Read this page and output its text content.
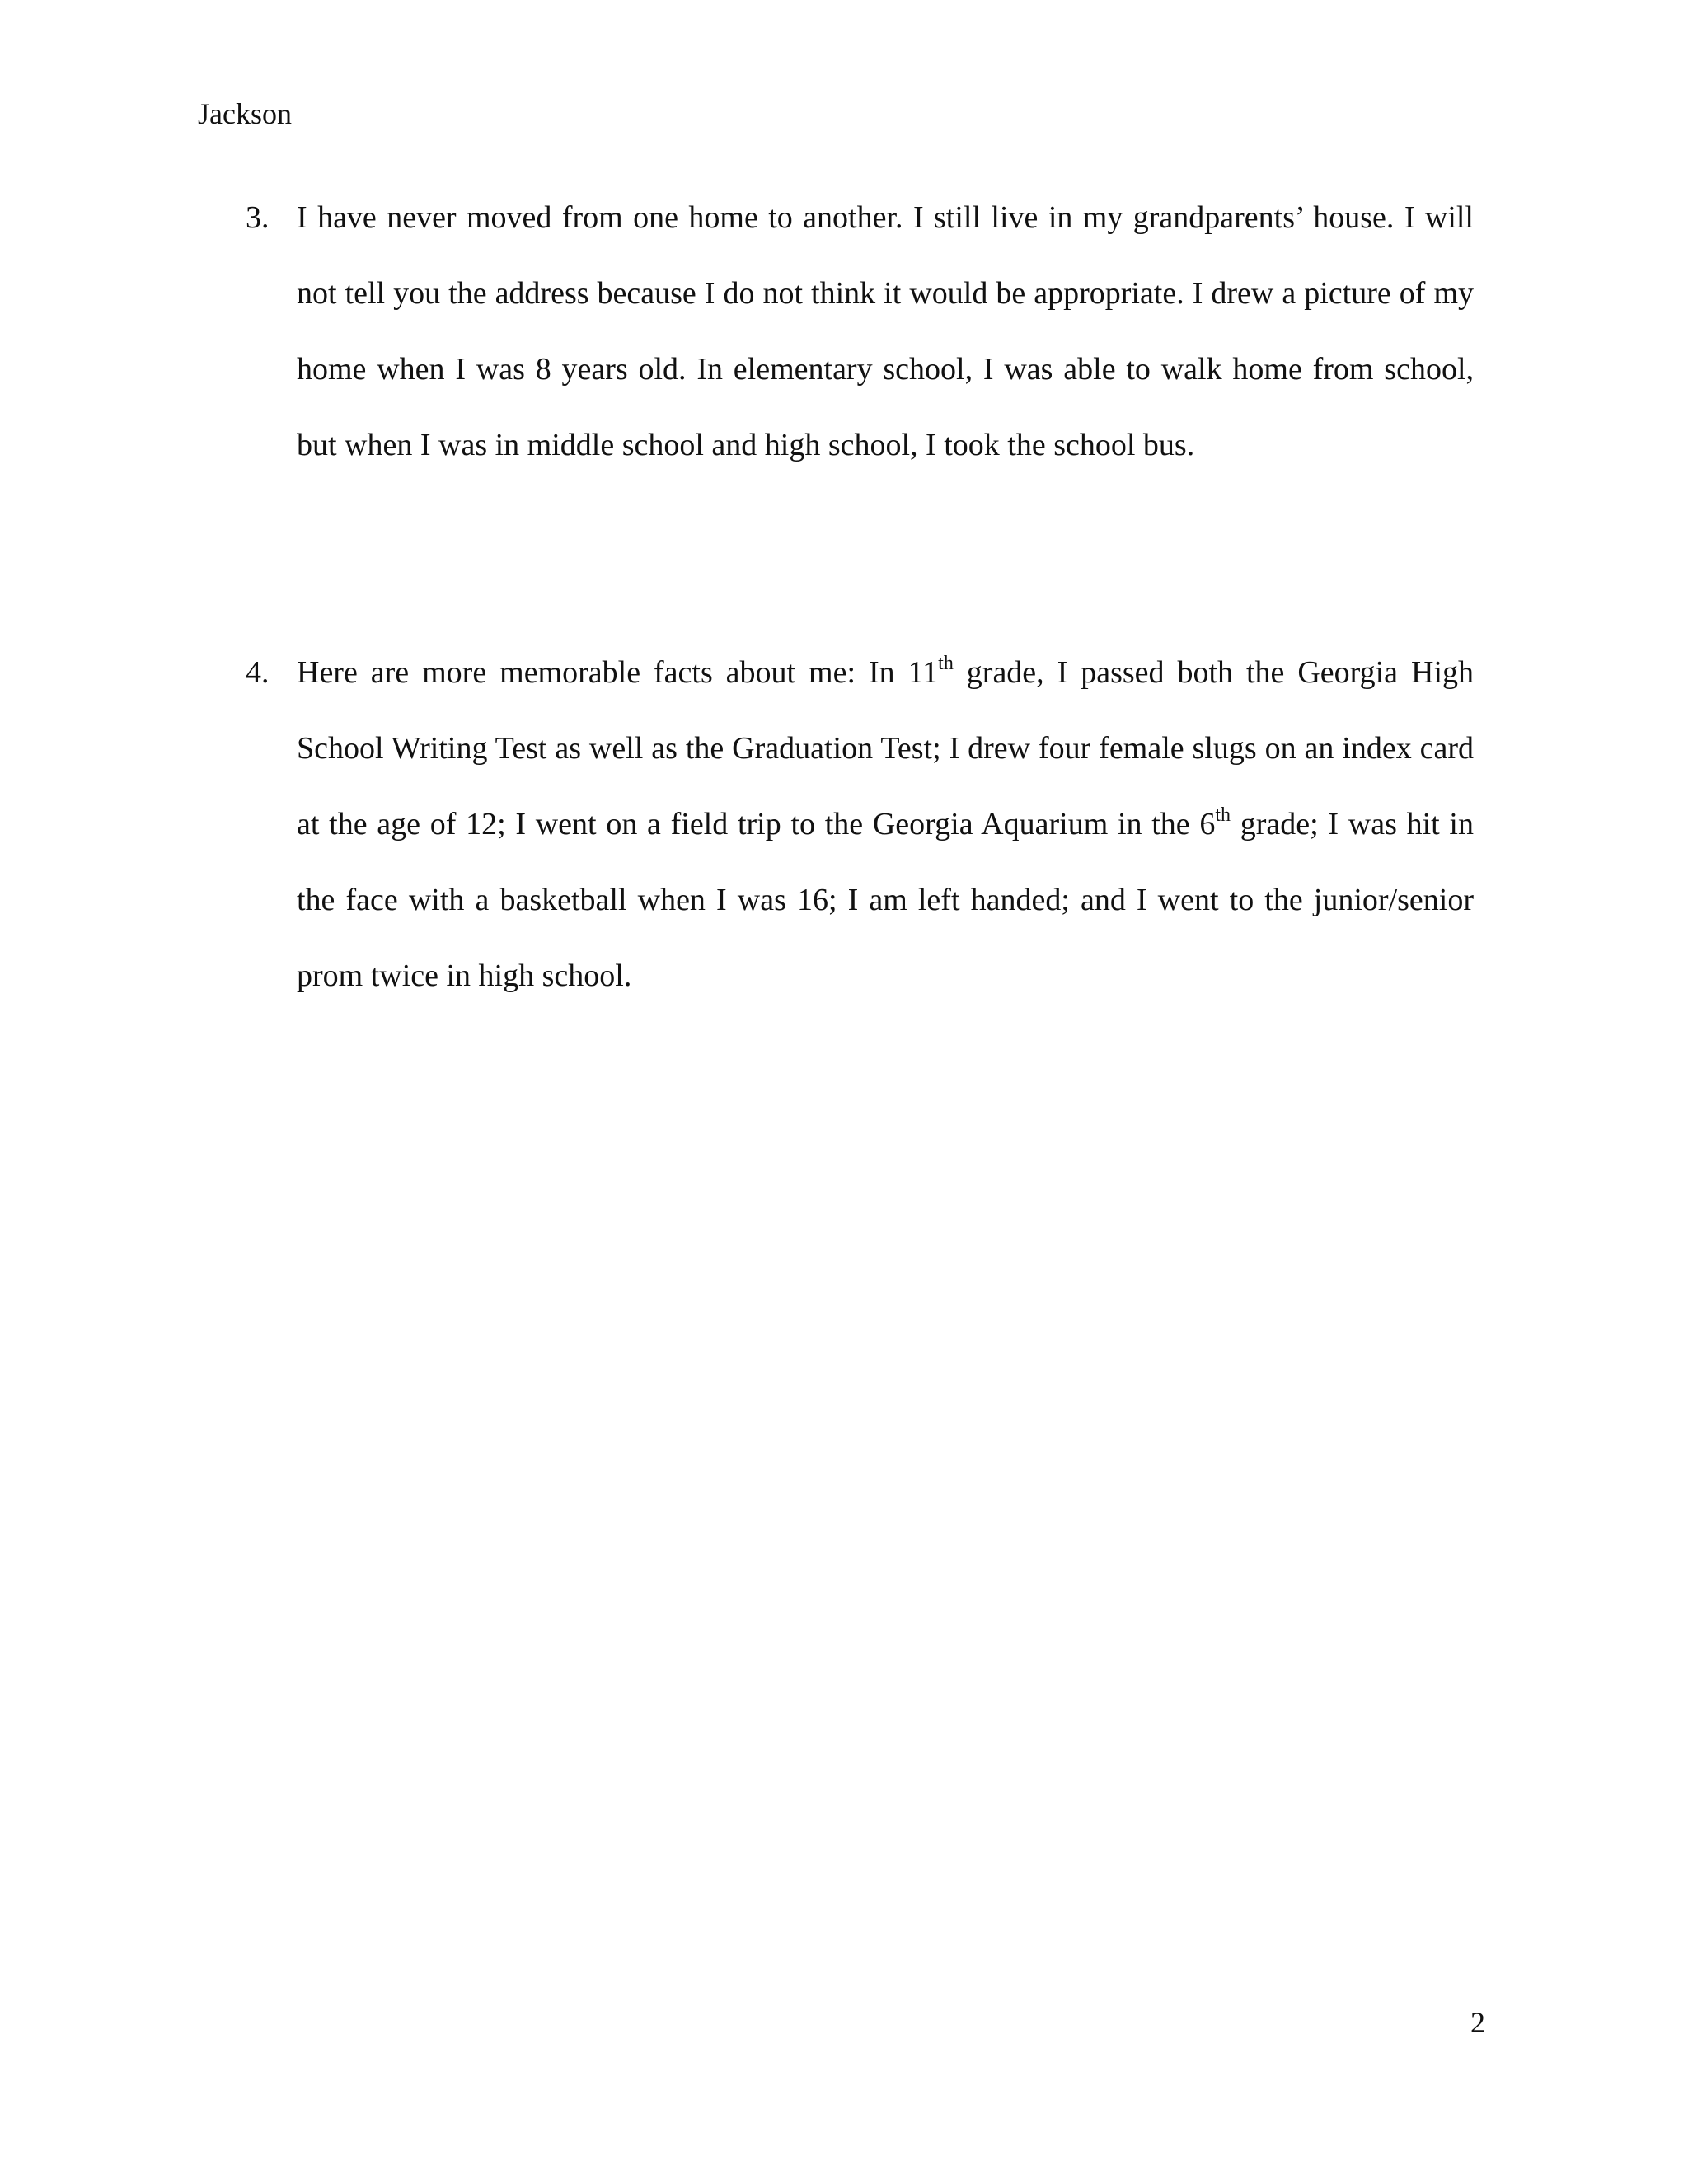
Jackson
3. I have never moved from one home to another. I still live in my grandparents’ house. I will not tell you the address because I do not think it would be appropriate. I drew a picture of my home when I was 8 years old. In elementary school, I was able to walk home from school, but when I was in middle school and high school, I took the school bus.
4. Here are more memorable facts about me: In 11th grade, I passed both the Georgia High School Writing Test as well as the Graduation Test; I drew four female slugs on an index card at the age of 12; I went on a field trip to the Georgia Aquarium in the 6th grade; I was hit in the face with a basketball when I was 16; I am left handed; and I went to the junior/senior prom twice in high school.
2
